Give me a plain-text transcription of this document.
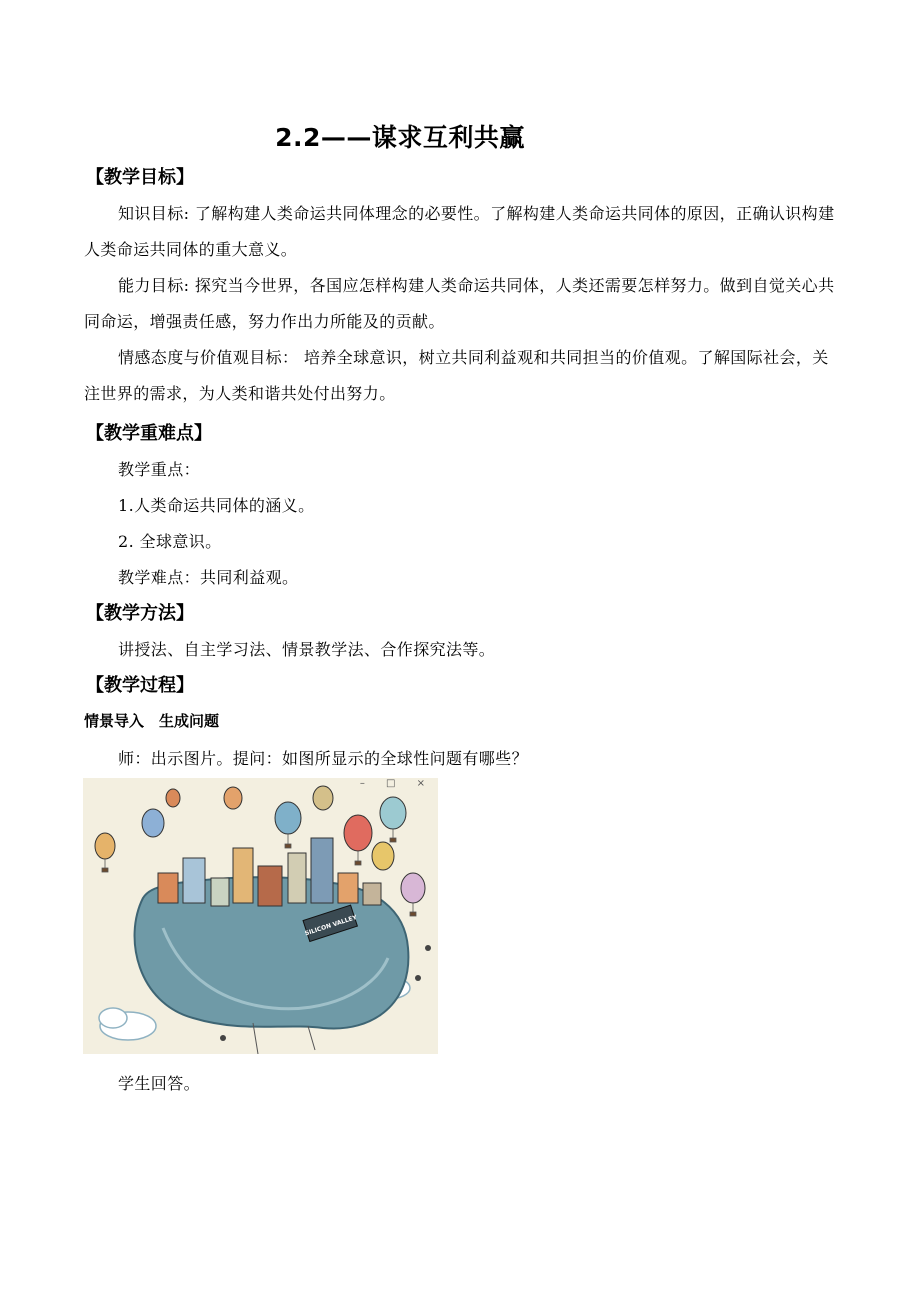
2.2——谋求互利共赢
【教学目标】
知识目标: 了解构建人类命运共同体理念的必要性。了解构建人类命运共同体的原因，正确认识构建人类命运共同体的重大意义。
能力目标: 探究当今世界，各国应怎样构建人类命运共同体，人类还需要怎样努力。做到自觉关心共同命运，增强责任感，努力作出力所能及的贡献。
情感态度与价值观目标： 培养全球意识，树立共同利益观和共同担当的价值观。了解国际社会，关注世界的需求，为人类和谐共处付出努力。
【教学重难点】
教学重点：
1.人类命运共同体的涵义。
2. 全球意识。
教学难点：共同利益观。
【教学方法】
讲授法、自主学习法、情景教学法、合作探究法等。
【教学过程】
情景导入　生成问题
师：出示图片。提问：如图所显示的全球性问题有哪些？
– □ ×
SILICON VALLEY
学生回答。
